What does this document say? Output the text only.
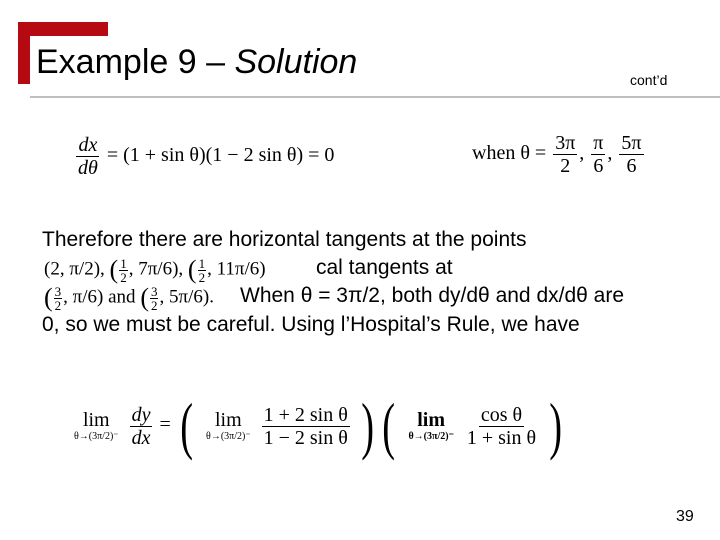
Example 9 – Solution	cont’d
$\frac{dx}{d\theta} = (1 + \sin \theta)(1 - 2$ sin θ) = 0	when $\theta = \frac{3\pi}{2}$ , $\frac{\pi}{6}$ , $\frac{5\pi}{6}$
Therefore there are horizontal tangents at the points
(2, π/2), ( $\frac{1}{2}$ , 7π/6), ( $\frac{1}{2}$ , 11π/6) cal tangents at
( $\frac{3}{2}$ , π/6) and ( $\frac{3}{2}$ , 5π/6). When θ = 3π/2, both dy/dθ and dx/dθ are
0, so we must be careful. Using l’Hospital’s Rule, we have
lim
θ→(3π/2)⁻
$\frac{dy}{dx}$ = ( lim
θ→(3π/2)⁻
$\frac{\text{1 + 2 sin θ}}{\text{1 − 2 sin θ}}$ ) ( lim
θ→(3π/2)⁻
$\frac{\text{cos θ}}{\text{1 + sin θ}}$ )
39
